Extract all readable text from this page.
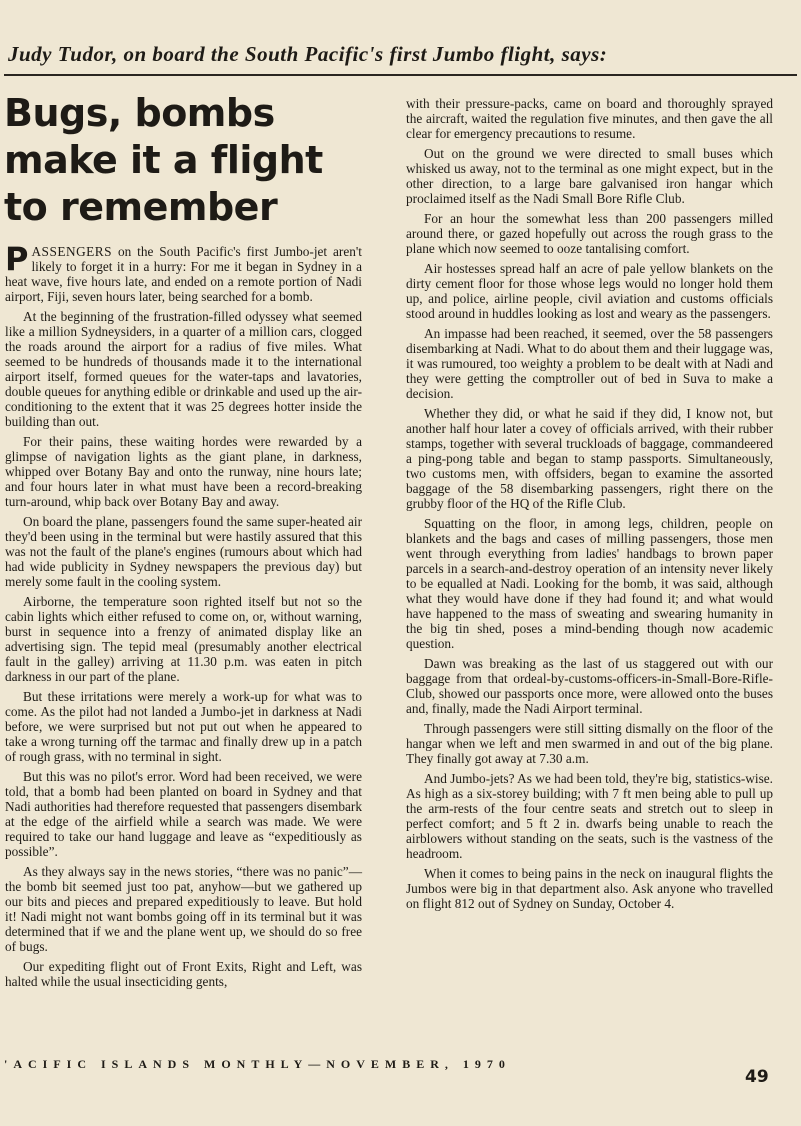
Judy Tudor, on board the South Pacific's first Jumbo flight, says:
Bugs, bombs
make it a flight
to remember

PASSENGERS on the South Pacific's first Jumbo-jet aren't likely to forget it in a hurry: For me it began in Sydney in a heat wave, five hours late, and ended on a remote portion of Nadi airport, Fiji, seven hours later, being searched for a bomb.

At the beginning of the frustration-filled odyssey what seemed like a million Sydneysiders, in a quarter of a million cars, clogged the roads around the airport for a radius of five miles. What seemed to be hundreds of thousands made it to the international airport itself, formed queues for the water-taps and lavatories, double queues for anything edible or drinkable and used up the air-conditioning to the extent that it was 25 degrees hotter inside the building than out.

For their pains, these waiting hordes were rewarded by a glimpse of navigation lights as the giant plane, in darkness, whipped over Botany Bay and onto the runway, nine hours late; and four hours later in what must have been a record-breaking turn-around, whip back over Botany Bay and away.

On board the plane, passengers found the same super-heated air they'd been using in the terminal but were hastily assured that this was not the fault of the plane's engines (rumours about which had had wide publicity in Sydney newspapers the previous day) but merely some fault in the cooling system.

Airborne, the temperature soon righted itself but not so the cabin lights which either refused to come on, or, without warning, burst in sequence into a frenzy of animated display like an advertising sign. The tepid meal (presumably another electrical fault in the galley) arriving at 11.30 p.m. was eaten in pitch darkness in our part of the plane.

But these irritations were merely a work-up for what was to come. As the pilot had not landed a Jumbo-jet in darkness at Nadi before, we were surprised but not put out when he appeared to take a wrong turning off the tarmac and finally drew up in a patch of rough grass, with no terminal in sight.

But this was no pilot's error. Word had been received, we were told, that a bomb had been planted on board in Sydney and that Nadi authorities had therefore requested that passengers disembark at the edge of the airfield while a search was made. We were required to take our hand luggage and leave as “expeditiously as possible”.

As they always say in the news stories, “there was no panic”—the bomb bit seemed just too pat, anyhow—but we gathered up our bits and pieces and prepared expeditiously to leave. But hold it! Nadi might not want bombs going off in its terminal but it was determined that if we and the plane went up, we should do so free of bugs.

Our expediting flight out of Front Exits, Right and Left, was halted while the usual insecticiding gents,

with their pressure-packs, came on board and thoroughly sprayed the aircraft, waited the regulation five minutes, and then gave the all clear for emergency precautions to resume.

Out on the ground we were directed to small buses which whisked us away, not to the terminal as one might expect, but in the other direction, to a large bare galvanised iron hangar which proclaimed itself as the Nadi Small Bore Rifle Club.

For an hour the somewhat less than 200 passengers milled around there, or gazed hopefully out across the rough grass to the plane which now seemed to ooze tantalising comfort.

Air hostesses spread half an acre of pale yellow blankets on the dirty cement floor for those whose legs would no longer hold them up, and police, airline people, civil aviation and customs officials stood around in huddles looking as lost and weary as the passengers.

An impasse had been reached, it seemed, over the 58 passengers disembarking at Nadi. What to do about them and their luggage was, it was rumoured, too weighty a problem to be dealt with at Nadi and they were getting the comptroller out of bed in Suva to make a decision.

Whether they did, or what he said if they did, I know not, but another half hour later a covey of officials arrived, with their rubber stamps, together with several truckloads of baggage, commandeered a ping-pong table and began to stamp passports. Simultaneously, two customs men, with offsiders, began to examine the assorted baggage of the 58 disembarking passengers, right there on the grubby floor of the HQ of the Rifle Club.

Squatting on the floor, in among legs, children, people on blankets and the bags and cases of milling passengers, those men went through everything from ladies' handbags to brown paper parcels in a search-and-destroy operation of an intensity never likely to be equalled at Nadi. Looking for the bomb, it was said, although what they would have done if they had found it; and what would have happened to the mass of sweating and swearing humanity in the big tin shed, poses a mind-bending though now academic question.

Dawn was breaking as the last of us staggered out with our baggage from that ordeal-by-customs-officers-in-Small-Bore-Rifle-Club, showed our passports once more, were allowed onto the buses and, finally, made the Nadi Airport terminal.

Through passengers were still sitting dismally on the floor of the hangar when we left and men swarmed in and out of the big plane. They finally got away at 7.30 a.m.

And Jumbo-jets? As we had been told, they're big, statistics-wise. As high as a six-storey building; with 7 ft men being able to pull up the arm-rests of the four centre seats and stretch out to sleep in perfect comfort; and 5 ft 2 in. dwarfs being unable to reach the airblowers without standing on the seats, such is the vastness of the headroom.

When it comes to being pains in the neck on inaugural flights the Jumbos were big in that department also. Ask anyone who travelled on flight 812 out of Sydney on Sunday, October 4.

'ACIFIC ISLANDS MONTHLY—NOVEMBER, 1970
49
